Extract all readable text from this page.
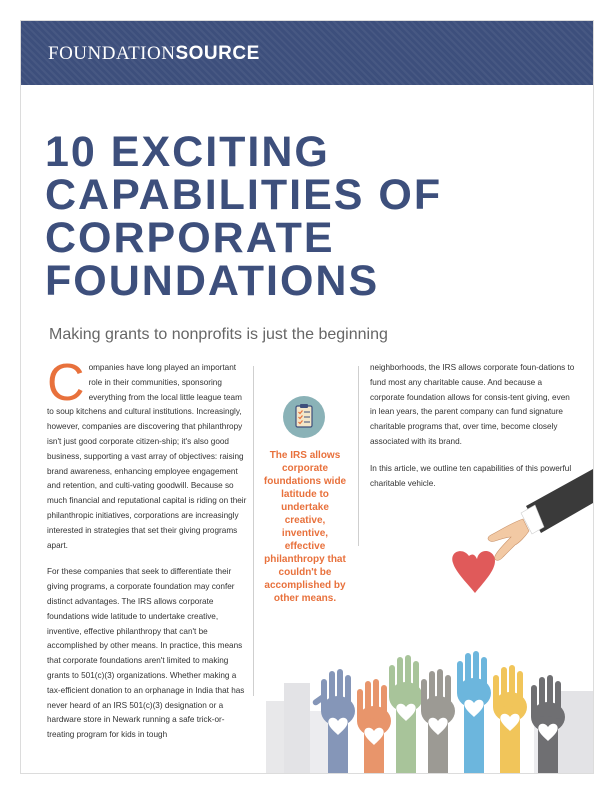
FOUNDATIONSOURCE
10 EXCITING
CAPABILITIES OF
CORPORATE
FOUNDATIONS
Making grants to nonprofits is just the beginning

Companies have long played an important role in their communities, sponsoring everything from the local little league team to soup kitchens and cultural institutions. Increasingly, however, companies are discovering that philanthropy isn't just good corporate citizen-ship; it's also good business, supporting a vast array of objectives: raising brand awareness, enhancing employee engagement and retention, and culti-vating goodwill. Because so much financial and reputational capital is riding on their philanthropic initiatives, corporations are increasingly interested in strategies that set their giving programs apart.

For these companies that seek to differentiate their giving programs, a corporate foundation may confer distinct advantages. The IRS allows corporate foundations wide latitude to undertake creative, inventive, effective philanthropy that can't be accomplished by other means. In practice, this means that corporate foundations aren't limited to making grants to 501(c)(3) organizations. Whether making a tax-efficient donation to an orphanage in India that has never heard of an IRS 501(c)(3) designation or a hardware store in Newark running a safe trick-or-treating program for kids in tough

The IRS allows corporate foundations wide latitude to undertake creative, inventive, effective philanthropy that couldn't be accomplished by other means.

neighborhoods, the IRS allows corporate foun-dations to fund most any charitable cause. And because a corporate foundation allows for consis-tent giving, even in lean years, the parent company can fund signature charitable programs that, over time, become closely associated with its brand.

In this article, we outline ten capabilities of this powerful charitable vehicle.
